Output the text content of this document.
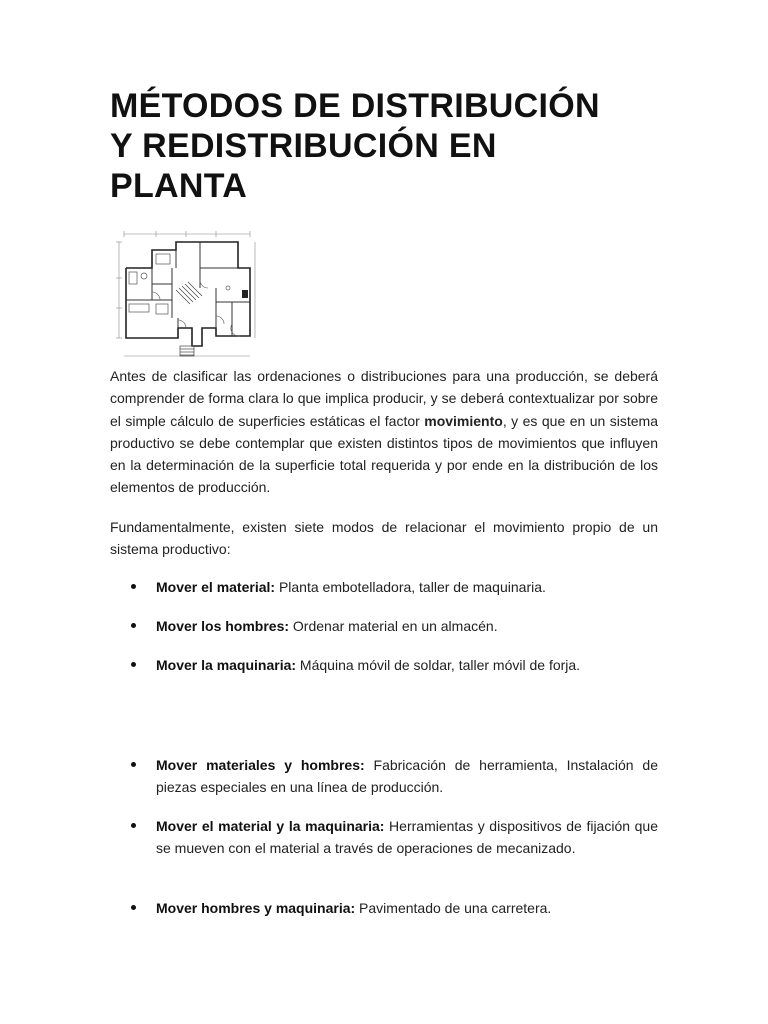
MÉTODOS DE DISTRIBUCIÓN
Y REDISTRIBUCIÓN EN
PLANTA

Antes de clasificar las ordenaciones o distribuciones para una producción, se deberá comprender de forma clara lo que implica producir, y se deberá contextualizar por sobre el simple cálculo de superficies estáticas el factor movimiento, y es que en un sistema productivo se debe contemplar que existen distintos tipos de movimientos que influyen en la determinación de la superficie total requerida y por ende en la distribución de los elementos de producción.

Fundamentalmente, existen siete modos de relacionar el movimiento propio de un sistema productivo:

Mover el material: Planta embotelladora, taller de maquinaria.

Mover los hombres: Ordenar material en un almacén.

Mover la maquinaria: Máquina móvil de soldar, taller móvil de forja.

Mover materiales y hombres: Fabricación de herramienta, Instalación de piezas especiales en una línea de producción.

Mover el material y la maquinaria: Herramientas y dispositivos de fijación que se mueven con el material a través de operaciones de mecanizado.

Mover hombres y maquinaria: Pavimentado de una carretera.
